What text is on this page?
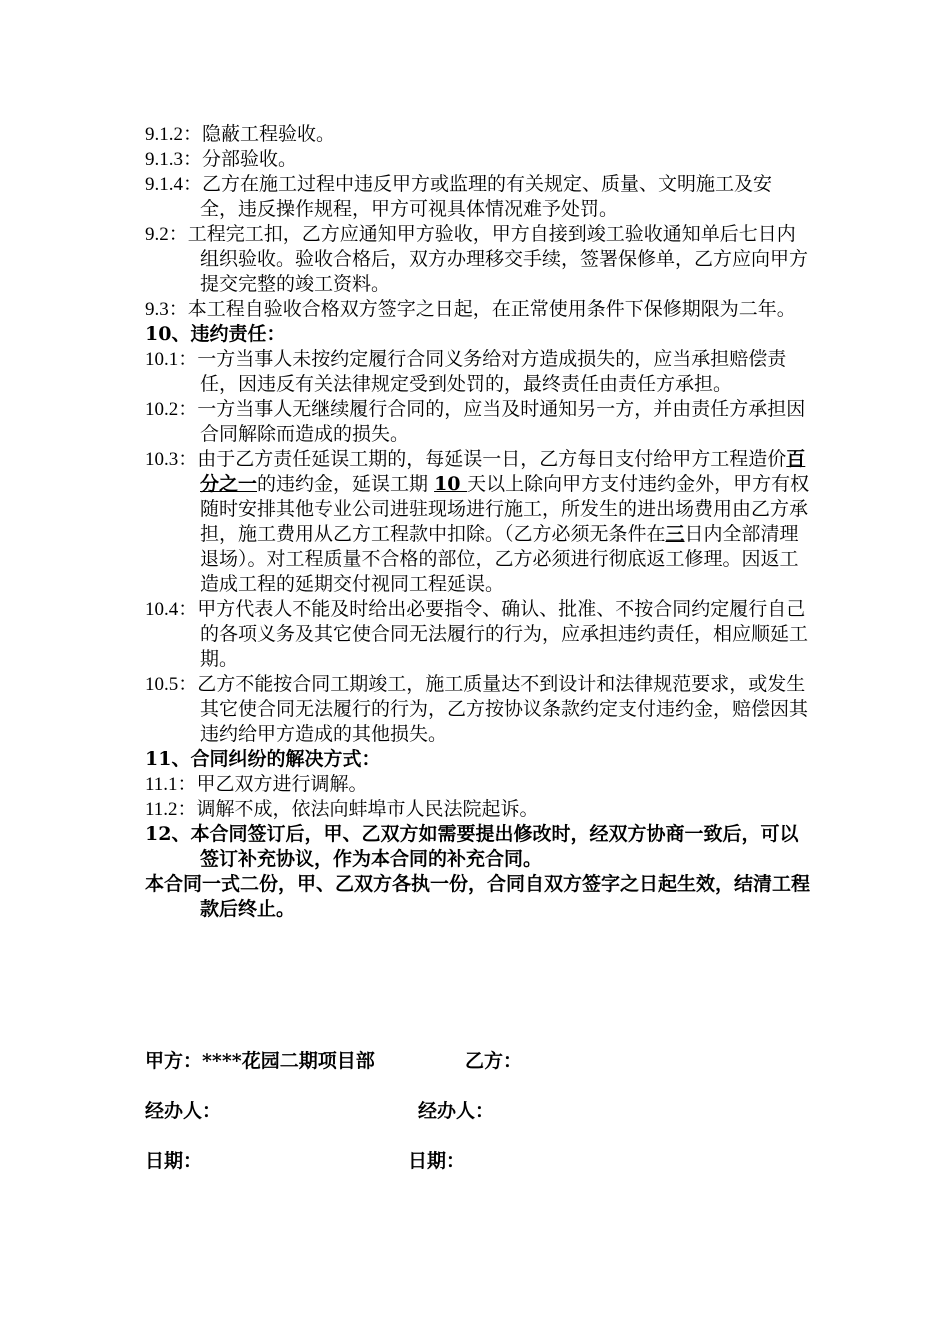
9.1.2：隐蔽工程验收。
9.1.3：分部验收。
9.1.4：乙方在施工过程中违反甲方或监理的有关规定、质量、文明施工及安全，违反操作规程，甲方可视具体情况难予处罚。
9.2：工程完工扣，乙方应通知甲方验收，甲方自接到竣工验收通知单后七日内组织验收。验收合格后，双方办理移交手续，签署保修单，乙方应向甲方提交完整的竣工资料。
9.3：本工程自验收合格双方签字之日起，在正常使用条件下保修期限为二年。
10、违约责任：
10.1：一方当事人未按约定履行合同义务给对方造成损失的，应当承担赔偿责任，因违反有关法律规定受到处罚的，最终责任由责任方承担。
10.2：一方当事人无继续履行合同的，应当及时通知另一方，并由责任方承担因合同解除而造成的损失。
10.3：由于乙方责任延误工期的，每延误一日，乙方每日支付给甲方工程造价百分之一的违约金，延误工期 10 天以上除向甲方支付违约金外，甲方有权随时安排其他专业公司进驻现场进行施工，所发生的进出场费用由乙方承担，施工费用从乙方工程款中扣除。（乙方必须无条件在三日内全部清理退场）。对工程质量不合格的部位，乙方必须进行彻底返工修理。因返工造成工程的延期交付视同工程延误。
10.4：甲方代表人不能及时给出必要指令、确认、批准、不按合同约定履行自己的各项义务及其它使合同无法履行的行为，应承担违约责任，相应顺延工期。
10.5：乙方不能按合同工期竣工，施工质量达不到设计和法律规范要求，或发生其它使合同无法履行的行为，乙方按协议条款约定支付违约金，赔偿因其违约给甲方造成的其他损失。
11、合同纠纷的解决方式：
11.1：甲乙双方进行调解。
11.2：调解不成，依法向蚌埠市人民法院起诉。
12、本合同签订后，甲、乙双方如需要提出修改时，经双方协商一致后，可以签订补充协议，作为本合同的补充合同。
本合同一式二份，甲、乙双方各执一份，合同自双方签字之日起生效，结清工程款后终止。
甲方：****花园二期项目部	乙方：
经办人：	经办人：
日期：	日期：
